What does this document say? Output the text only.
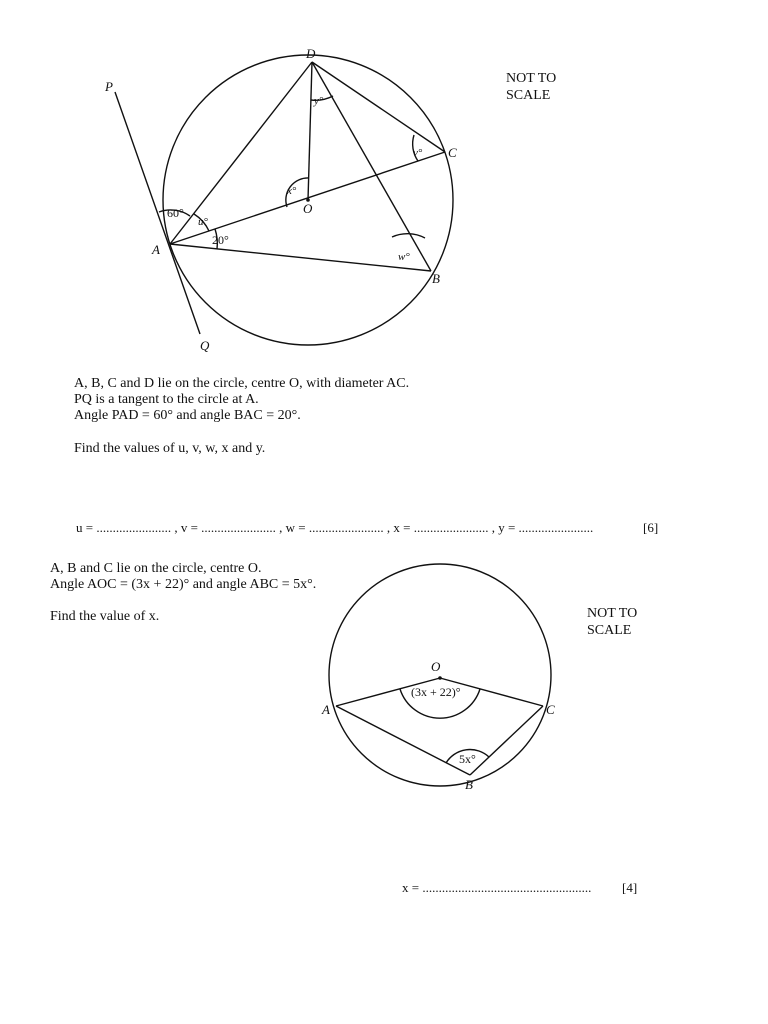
P
Q
D
C
A
B
O
60°
20°
u°
x°
y°
v°
w°
NOT TO
SCALE
A, B, C and D lie on the circle, centre O, with diameter AC.
PQ is a tangent to the circle at A.
Angle PAD = 60° and angle BAC = 20°.
Find the values of u, v, w, x and y.
u = ....................... , v = ....................... , w = ....................... , x = ....................... , y = .......................	[6]
A, B and C lie on the circle, centre O.
Angle AOC = (3x + 22)° and angle ABC = 5x°.
Find the value of x.
O
A	C
B
(3x + 22)°
5x°
NOT TO
SCALE
x = .................................................... [4]
